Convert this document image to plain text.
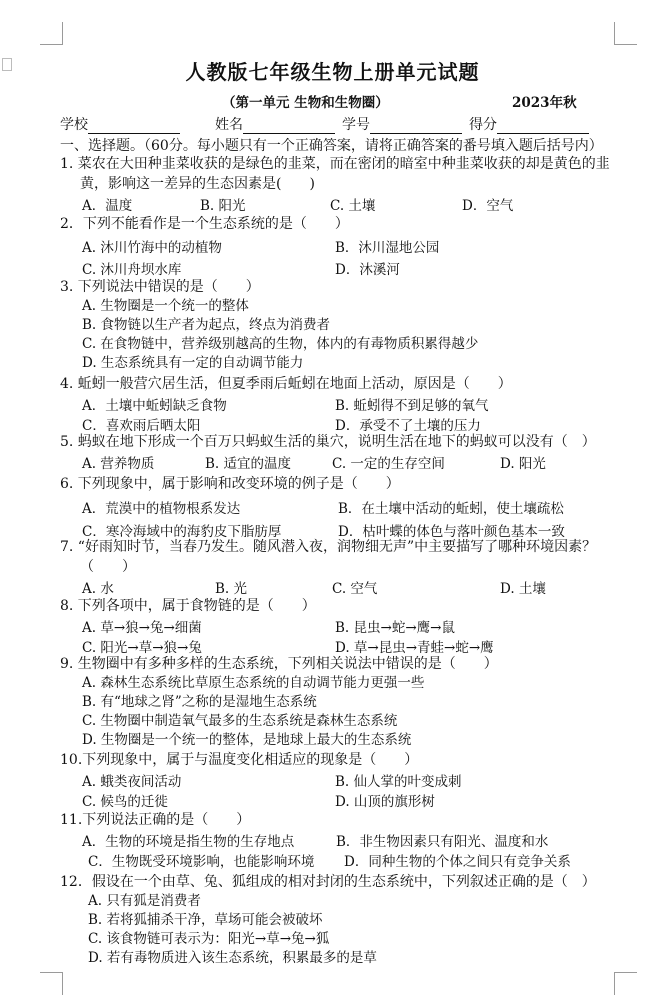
人教版七年级生物上册单元试题
（第一单元 生物和生物圈）	2023年秋
学校	姓名	学号	得分
一、选择题。（60分。每小题只有一个正确答案，请将正确答案的番号填入题后括号内）
1. 菜农在大田种韭菜收获的是绿色的韭菜，而在密闭的暗室中种韭菜收获的却是黄色的韭黄，影响这一差异的生态因素是(　　)
A．温度	B. 阳光	C. 土壤	D．空气
2．下列不能看作是一个生态系统的是（　　）
A. 沐川竹海中的动植物	B．沐川湿地公园
C. 沐川舟坝水库	D．沐溪河
3. 下列说法中错误的是（　　）
A. 生物圈是一个统一的整体
B. 食物链以生产者为起点，终点为消费者
C. 在食物链中，营养级别越高的生物，体内的有毒物质积累得越少
D. 生态系统具有一定的自动调节能力
4. 蚯蚓一般营穴居生活，但夏季雨后蚯蚓在地面上活动，原因是（　　）
A．土壤中蚯蚓缺乏食物	B. 蚯蚓得不到足够的氧气
C．喜欢雨后晒太阳	D．承受不了土壤的压力
5. 蚂蚁在地下形成一个百万只蚂蚁生活的巢穴，说明生活在地下的蚂蚁可以没有（　）
A. 营养物质	B. 适宜的温度	C. 一定的生存空间	D. 阳光
6. 下列现象中，属于影响和改变环境的例子是（　　）
A．荒漠中的植物根系发达	B．在土壤中活动的蚯蚓，使土壤疏松
C．寒冷海域中的海豹皮下脂肪厚	D．枯叶蝶的体色与落叶颜色基本一致
7. “好雨知时节，当春乃发生。随风潜入夜，润物细无声”中主要描写了哪种环境因素？（　　）
A. 水	B. 光	C. 空气	D. 土壤
8. 下列各项中，属于食物链的是（　　）
A. 草→狼→兔→细菌	B. 昆虫→蛇→鹰→鼠
C. 阳光→草→狼→兔	D. 草→昆虫→青蛙→蛇→鹰
9. 生物圈中有多种多样的生态系统，下列相关说法中错误的是（　　）
A. 森林生态系统比草原生态系统的自动调节能力更强一些
B. 有“地球之肾”之称的是湿地生态系统
C. 生物圈中制造氧气最多的生态系统是森林生态系统
D. 生物圈是一个统一的整体，是地球上最大的生态系统
10.下列现象中，属于与温度变化相适应的现象是（　　）
A. 蛾类夜间活动	B. 仙人掌的叶变成刺
C. 候鸟的迁徙	D. 山顶的旗形树
11.下列说法正确的是（　　）
A．生物的环境是指生物的生存地点	B．非生物因素只有阳光、温度和水
C．生物既受环境影响，也能影响环境 D．同种生物的个体之间只有竞争关系
12．假设在一个由草、兔、狐组成的相对封闭的生态系统中，下列叙述正确的是（　）
A. 只有狐是消费者
B. 若将狐捕杀干净，草场可能会被破坏
C. 该食物链可表示为：阳光→草→兔→狐
D. 若有毒物质进入该生态系统，积累最多的是草
